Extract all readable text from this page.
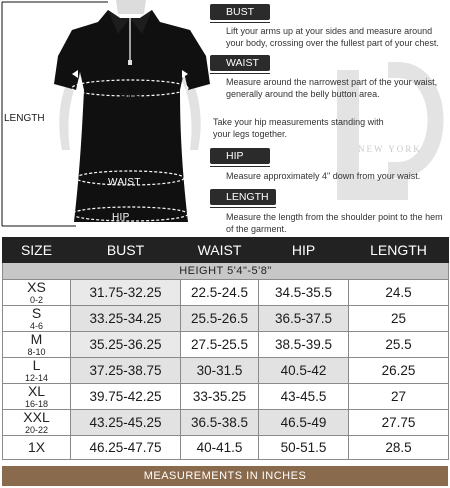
BUST
WAIST
HIP
LENGTH
NEW YORK
BUST
Lift your arms up at your sides and measure around your body, crossing over the fullest part of your chest.
WAIST
Measure around the narrowest part of the your waist, generally around the belly button area.
Take your hip measurements standing with your legs together.
HIP
Measure approximately 4" down from your waist.
LENGTH
Measure the length from the shoulder point to the hem of the garment.
SIZE	BUST	WAIST	HIP	LENGTH
HEIGHT 5'4"-5'8"				

XS
0-2	31.75-32.25	22.5-24.5	34.5-35.5	24.5

S
4-6	33.25-34.25	25.5-26.5	36.5-37.5	25

M
8-10	35.25-36.25	27.5-25.5	38.5-39.5	25.5

L
12-14	37.25-38.75	30-31.5	40.5-42	26.25

XL
16-18	39.75-42.25	33-35.25	43-45.5	27

XXL
20-22	43.25-45.25	36.5-38.5	46.5-49	27.75

1X	46.25-47.75	40-41.5	50-51.5	28.5
MEASUREMENTS IN INCHES
